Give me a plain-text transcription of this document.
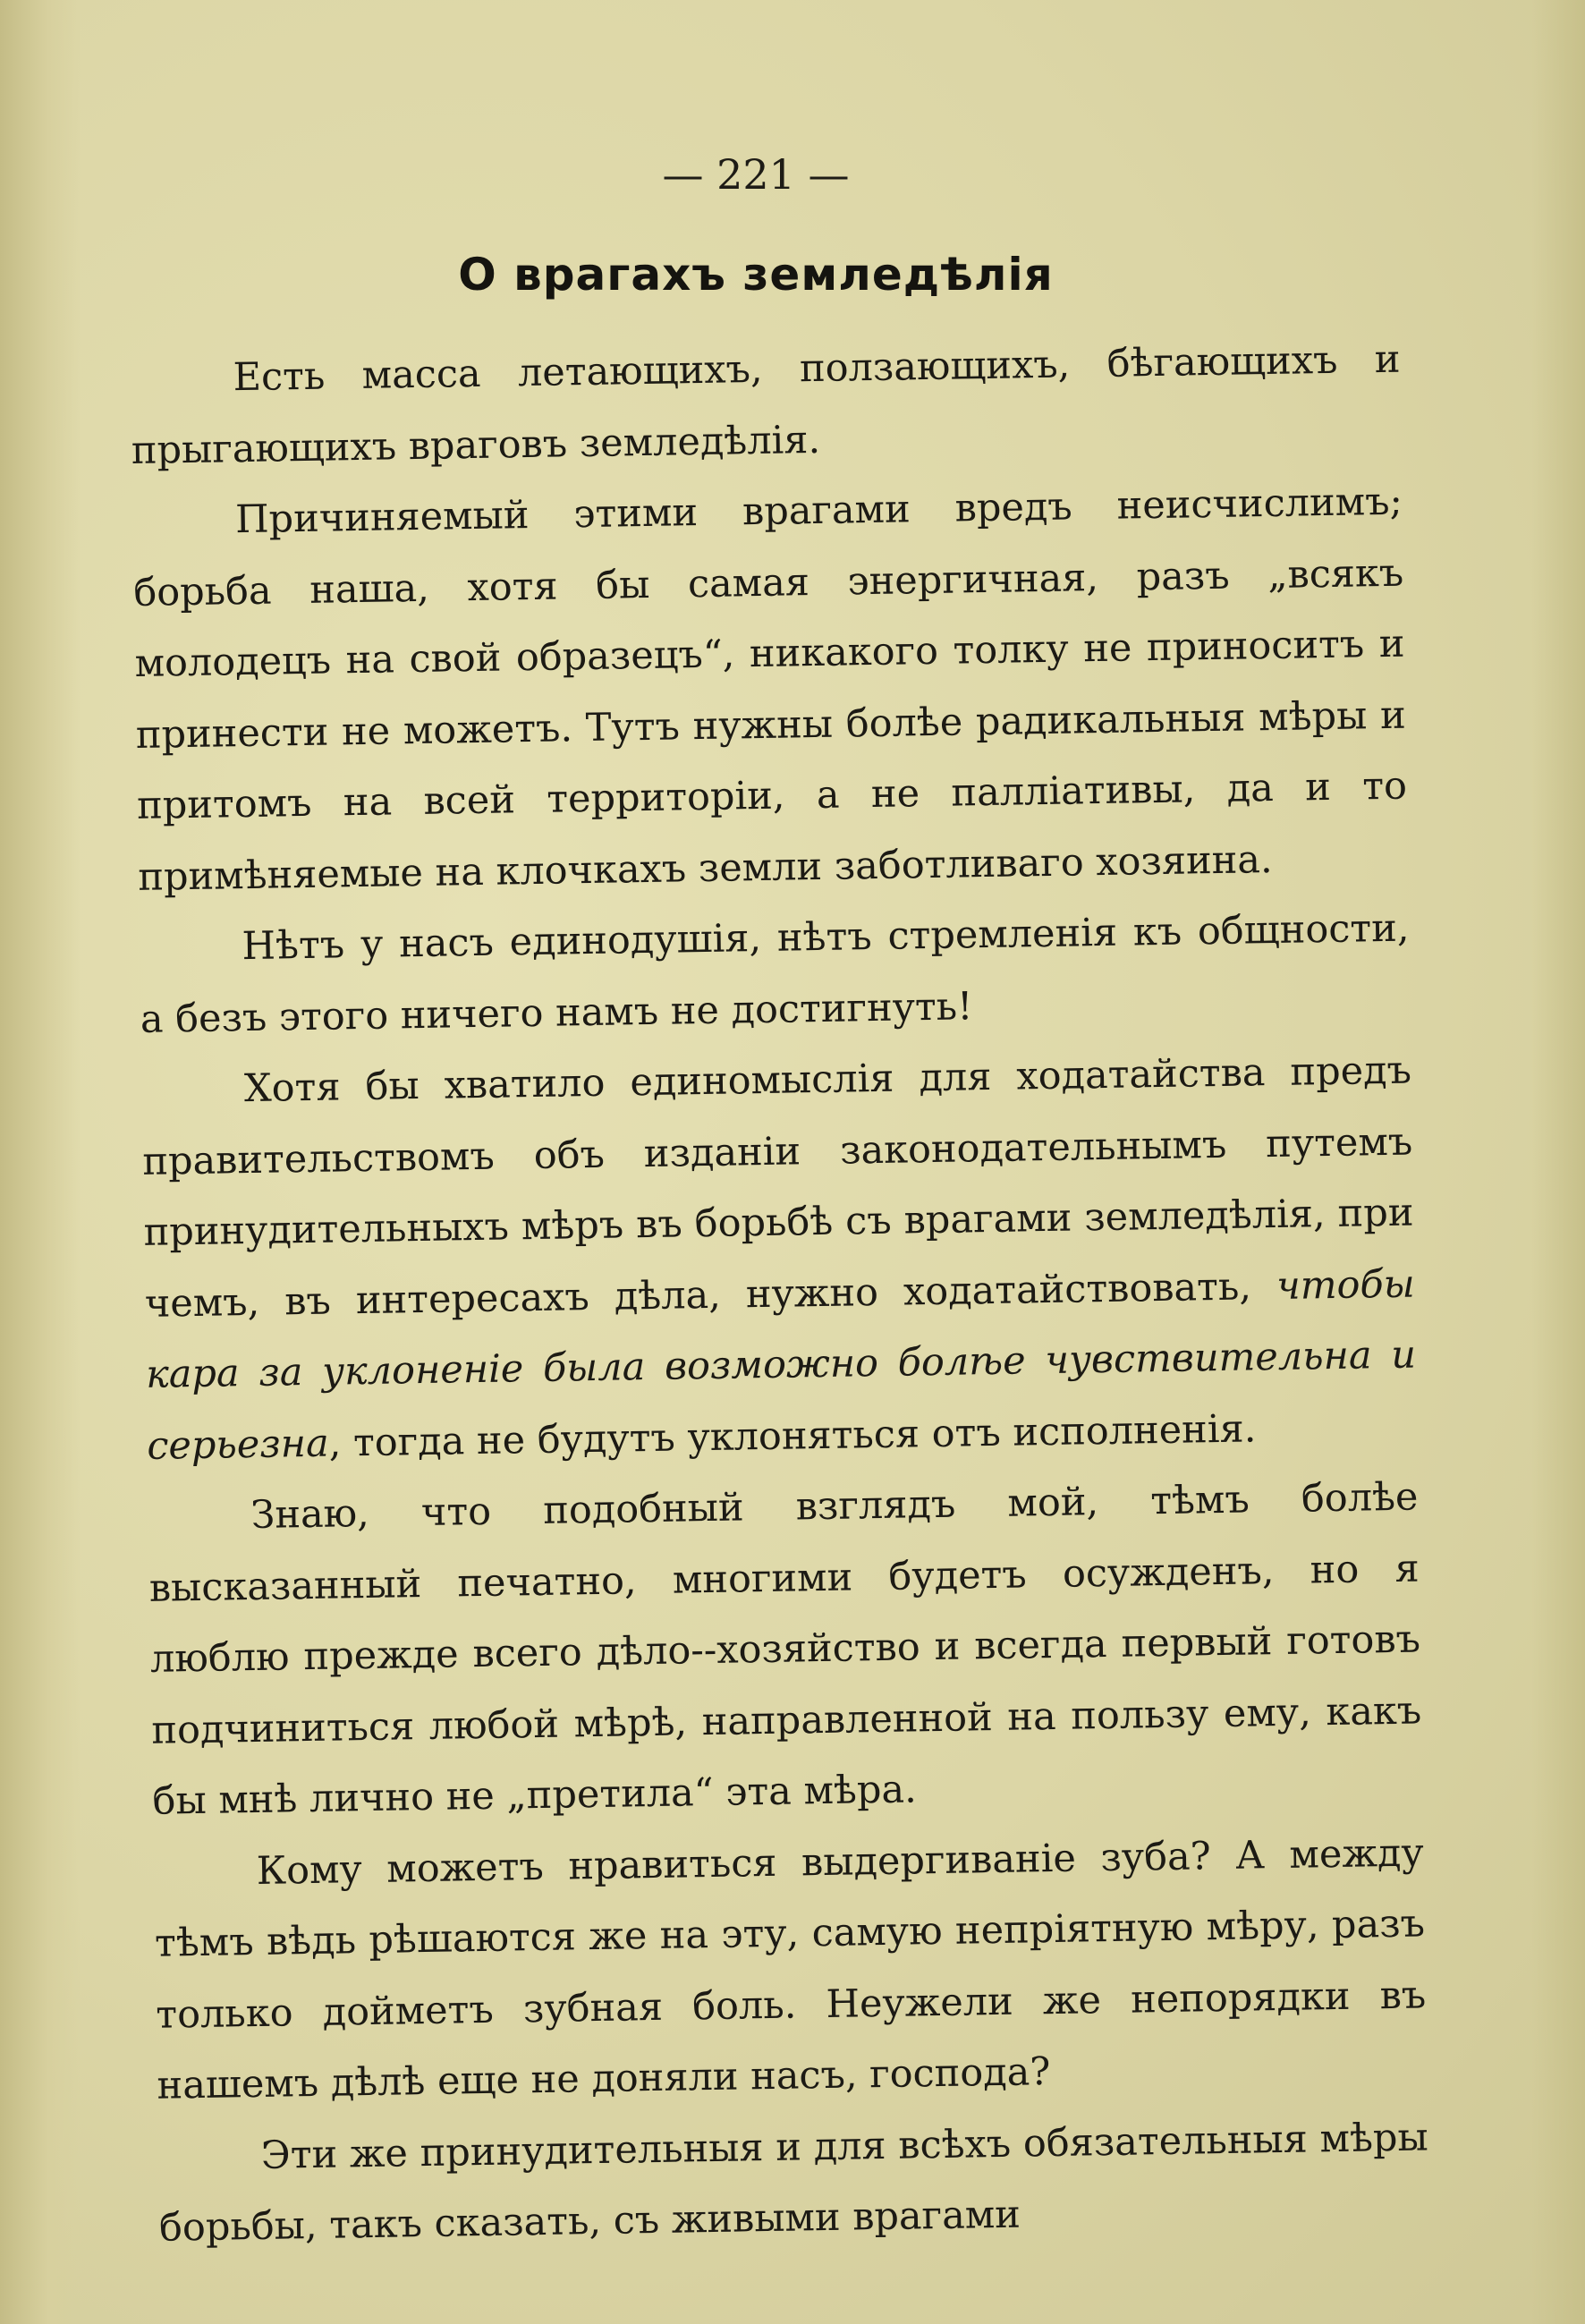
— 221 —
О врагахъ земледѣлія

Есть масса летающихъ, ползающихъ, бѣгающихъ и прыгающихъ враговъ земледѣлія.

Причиняемый этими врагами вредъ неисчислимъ; борьба наша, хотя бы самая энергичная, разъ „всякъ молодецъ на свой образецъ“, никакого толку не приноситъ и принести не можетъ. Тутъ нужны болѣе радикальныя мѣры и притомъ на всей территоріи, а не палліативы, да и то примѣняемые на клочкахъ земли заботливаго хозяина.

Нѣтъ у насъ единодушія, нѣтъ стремленія къ общности, а безъ этого ничего намъ не достигнуть!

Хотя бы хватило единомыслія для ходатайства предъ правительствомъ объ изданіи законодательнымъ путемъ принудительныхъ мѣръ въ борьбѣ съ врагами земледѣлія, при чемъ, въ интересахъ дѣла, нужно ходатайствовать, чтобы кара за уклоненіе была возможно болѣе чувствительна и серьезна, тогда не будутъ уклоняться отъ исполненія.

Знаю, что подобный взглядъ мой, тѣмъ болѣе высказанный печатно, многими будетъ осужденъ, но я люблю прежде всего дѣло--хозяйство и всегда первый готовъ подчиниться любой мѣрѣ, направленной на пользу ему, какъ бы мнѣ лично не „претила“ эта мѣра.

Кому можетъ нравиться выдергиваніе зуба? А между тѣмъ вѣдь рѣшаются же на эту, самую непріятную мѣру, разъ только дойметъ зубная боль. Неужели же непорядки въ нашемъ дѣлѣ еще не доняли насъ, господа?

Эти же принудительныя и для всѣхъ обязательныя мѣры борьбы, такъ сказать, съ живыми врагами
